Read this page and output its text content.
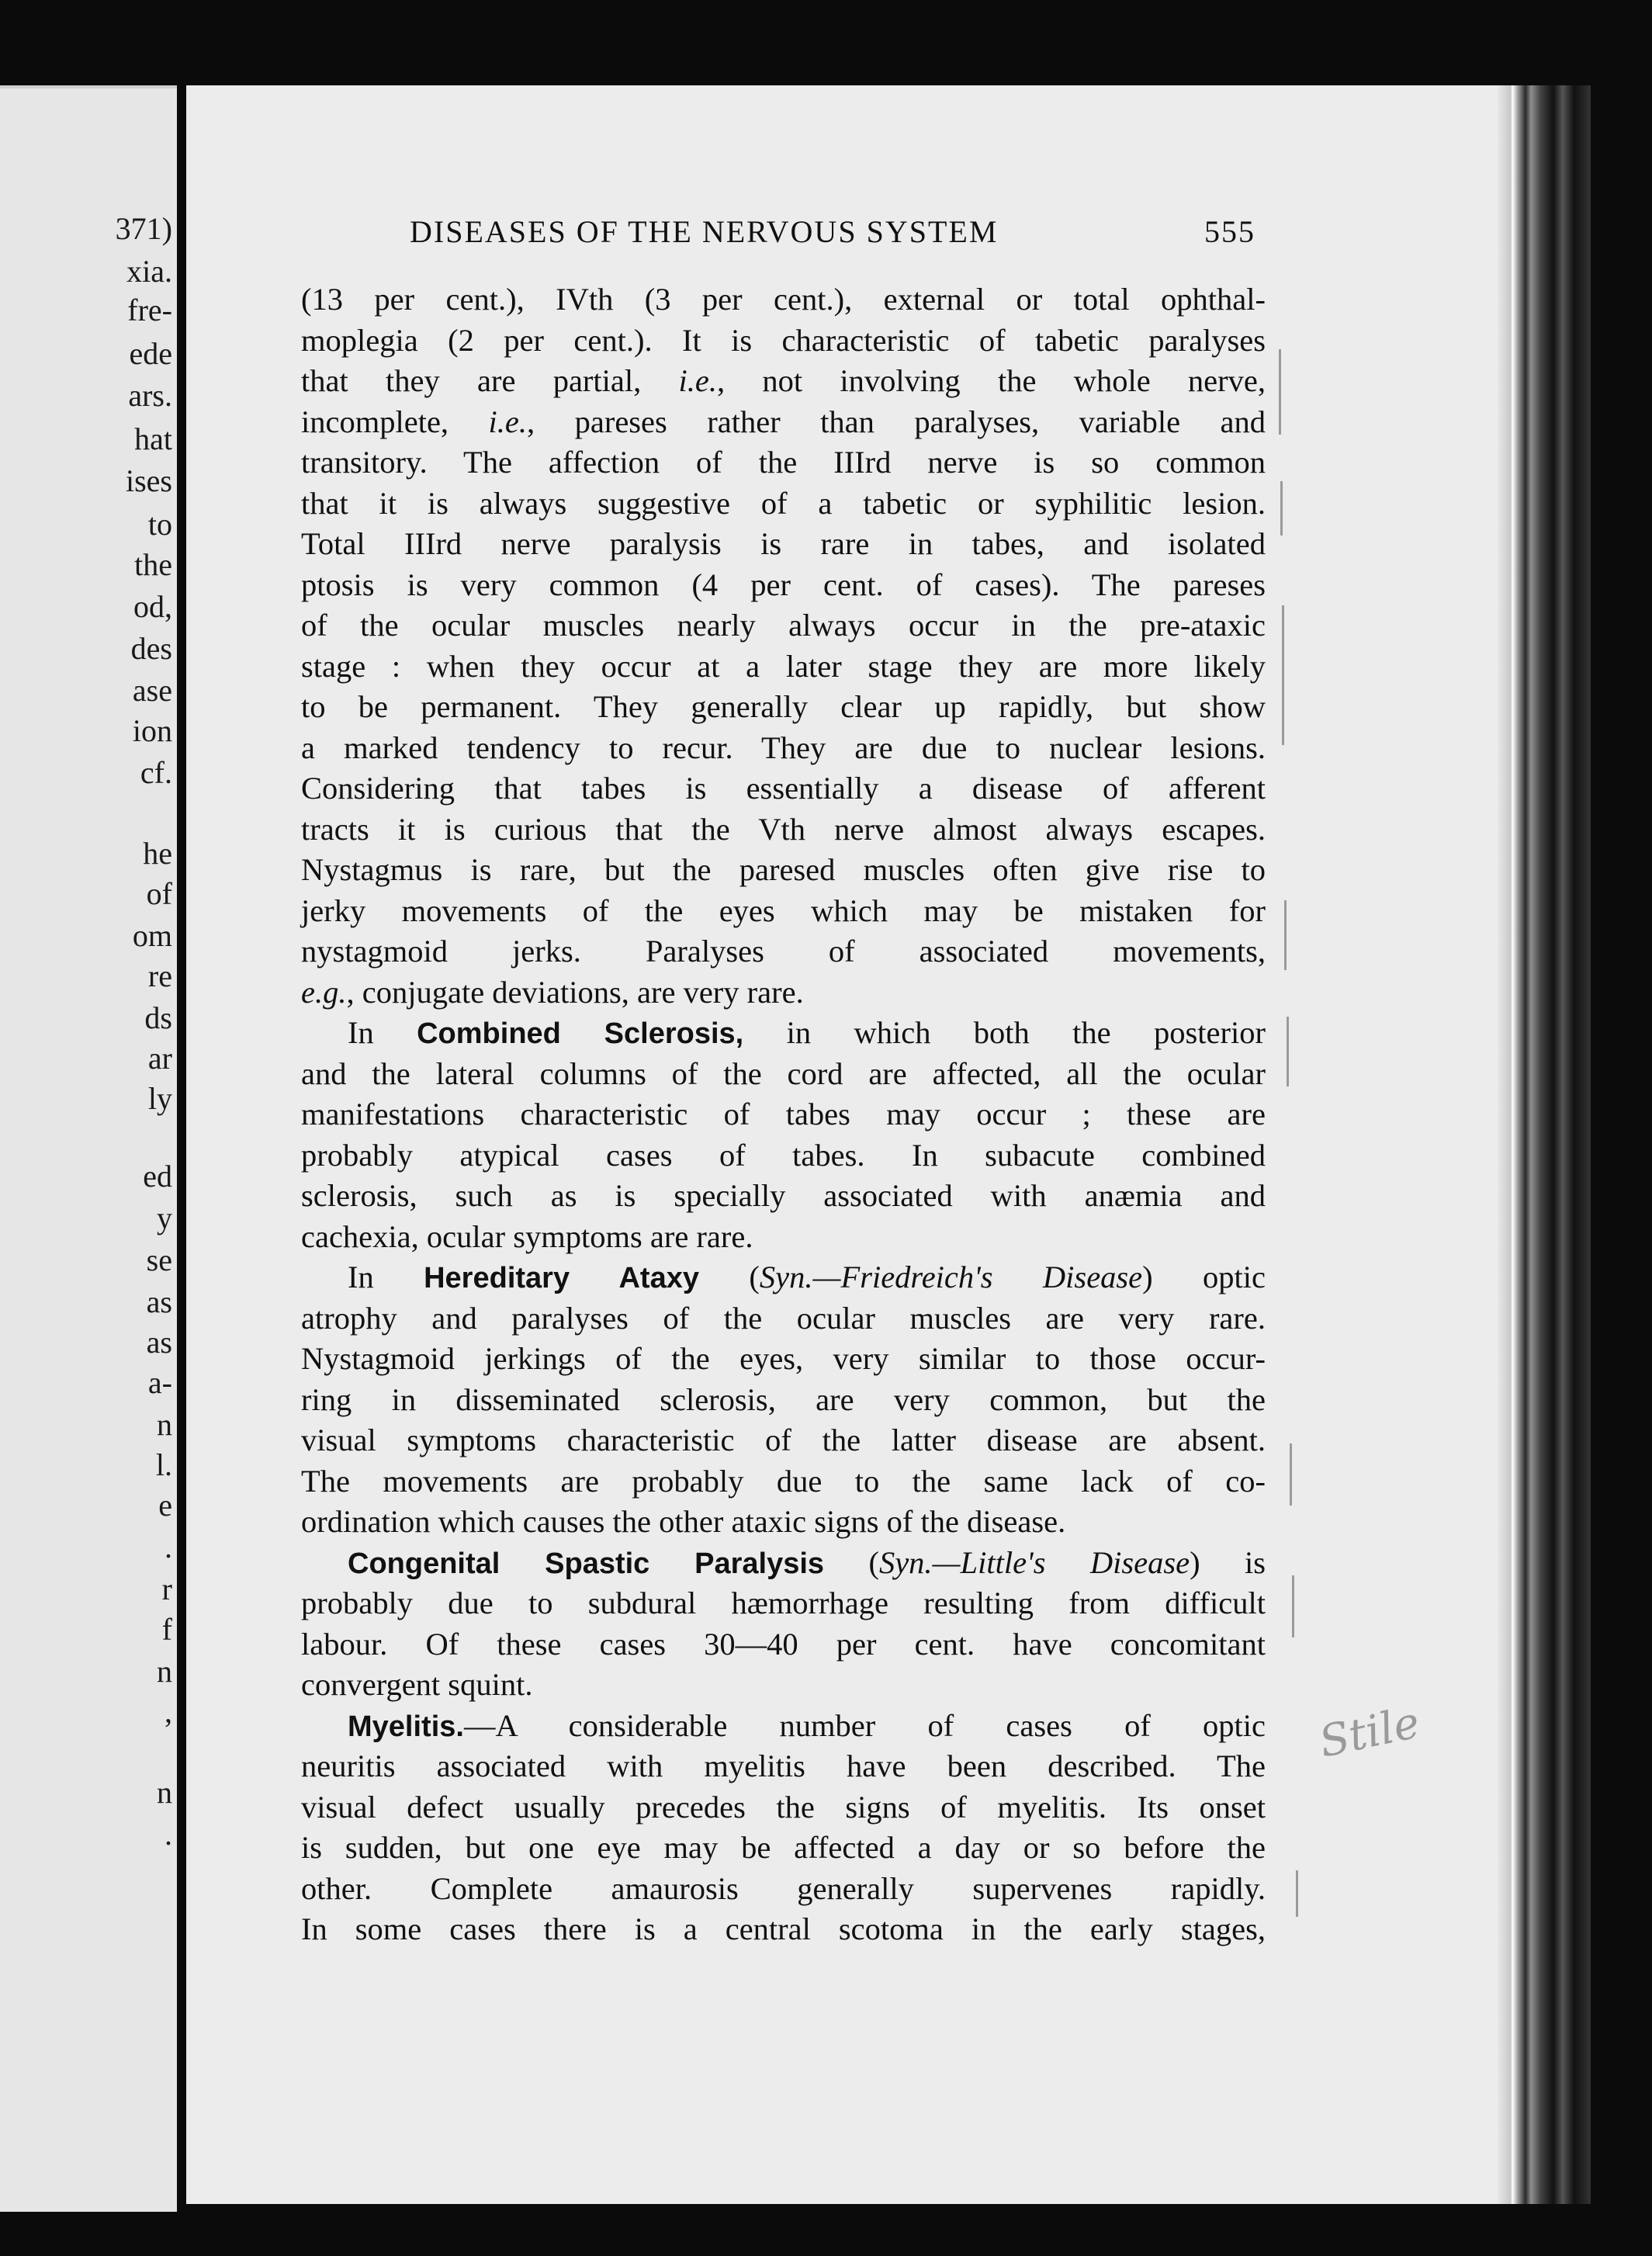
371)
xia.
fre-
ede
ars.
hat
ises
to
the
od,
des
ase
ion
cf.
he
of
om
re
ds
ar
ly
ed
y
se
as
as
a-
n
l.
e
.
r
f
n
,
n
.
DISEASES OF THE NERVOUS SYSTEM	555
(13 per cent.), IVth (3 per cent.), external or total ophthal-
moplegia (2 per cent.). It is characteristic of tabetic paralyses
that they are partial, i.e., not involving the whole nerve,
incomplete, i.e., pareses rather than paralyses, variable and
transitory. The affection of the IIIrd nerve is so common
that it is always suggestive of a tabetic or syphilitic lesion.
Total IIIrd nerve paralysis is rare in tabes, and isolated
ptosis is very common (4 per cent. of cases). The pareses
of the ocular muscles nearly always occur in the pre-ataxic
stage : when they occur at a later stage they are more likely
to be permanent. They generally clear up rapidly, but show
a marked tendency to recur. They are due to nuclear lesions.
Considering that tabes is essentially a disease of afferent
tracts it is curious that the Vth nerve almost always escapes.
Nystagmus is rare, but the paresed muscles often give rise to
jerky movements of the eyes which may be mistaken for
nystagmoid jerks. Paralyses of associated movements,
e.g., conjugate deviations, are very rare.
In Combined Sclerosis, in which both the posterior
and the lateral columns of the cord are affected, all the ocular
manifestations characteristic of tabes may occur ; these are
probably atypical cases of tabes. In subacute combined
sclerosis, such as is specially associated with anæmia and
cachexia, ocular symptoms are rare.
In Hereditary Ataxy (Syn.—Friedreich's Disease) optic
atrophy and paralyses of the ocular muscles are very rare.
Nystagmoid jerkings of the eyes, very similar to those occur-
ring in disseminated sclerosis, are very common, but the
visual symptoms characteristic of the latter disease are absent.
The movements are probably due to the same lack of co-
ordination which causes the other ataxic signs of the disease.
Congenital Spastic Paralysis (Syn.—Little's Disease) is
probably due to subdural hæmorrhage resulting from difficult
labour. Of these cases 30—40 per cent. have concomitant
convergent squint.
Myelitis.—A considerable number of cases of optic
neuritis associated with myelitis have been described. The
visual defect usually precedes the signs of myelitis. Its onset
is sudden, but one eye may be affected a day or so before the
other. Complete amaurosis generally supervenes rapidly.
In some cases there is a central scotoma in the early stages,
Stile
